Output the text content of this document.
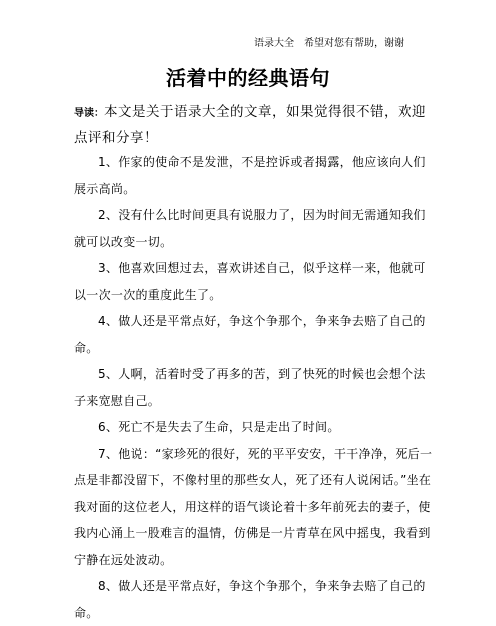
语录大全 希望对您有帮助，谢谢
活着中的经典语句
导读：本文是关于语录大全的文章，如果觉得很不错，欢迎点评和分享！

1、作家的使命不是发泄，不是控诉或者揭露，他应该向人们展示高尚。

2、没有什么比时间更具有说服力了，因为时间无需通知我们就可以改变一切。

3、他喜欢回想过去，喜欢讲述自己，似乎这样一来，他就可以一次一次的重度此生了。

4、做人还是平常点好，争这个争那个，争来争去赔了自己的命。

5、人啊，活着时受了再多的苦，到了快死的时候也会想个法子来宽慰自己。

6、死亡不是失去了生命，只是走出了时间。

7、他说：“家珍死的很好，死的平平安安，干干净净，死后一点是非都没留下，不像村里的那些女人，死了还有人说闲话。”坐在我对面的这位老人，用这样的语气谈论着十多年前死去的妻子，使我内心涌上一股难言的温情，仿佛是一片青草在风中摇曳，我看到宁静在远处波动。

8、做人还是平常点好，争这个争那个，争来争去赔了自己的命。
